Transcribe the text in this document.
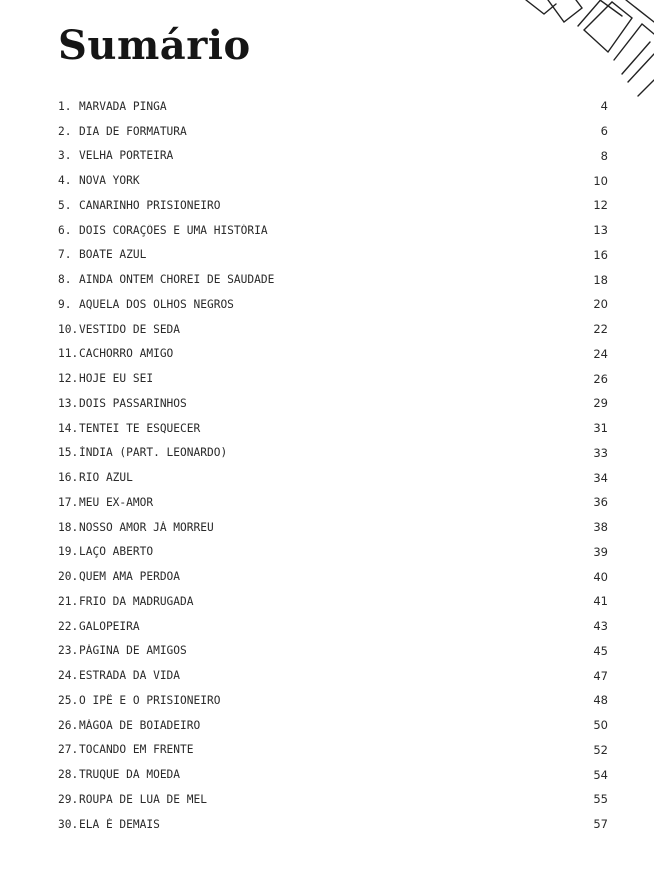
Sumário
1. MARVADA PINGA	4
2. DIA DE FORMATURA	6
3. VELHA PORTEIRA	8
4. NOVA YORK	10
5. CANARINHO PRISIONEIRO	12
6. DOIS CORAÇÕES E UMA HISTÓRIA	13
7. BOATE AZUL	16
8. AINDA ONTEM CHOREI DE SAUDADE	18
9. AQUELA DOS OLHOS NEGROS	20
10. VESTIDO DE SEDA	22
11. CACHORRO AMIGO	24
12. HOJE EU SEI	26
13. DOIS PASSARINHOS	29
14. TENTEI TE ESQUECER	31
15. ÍNDIA (PART. LEONARDO)	33
16. RIO AZUL	34
17. MEU EX-AMOR	36
18. NOSSO AMOR JÁ MORREU	38
19. LAÇO ABERTO	39
20. QUEM AMA PERDOA	40
21. FRIO DA MADRUGADA	41
22. GALOPEIRA	43
23. PÁGINA DE AMIGOS	45
24. ESTRADA DA VIDA	47
25. O IPÊ E O PRISIONEIRO	48
26. MÁGOA DE BOIADEIRO	50
27. TOCANDO EM FRENTE	52
28. TRUQUE DA MOEDA	54
29. ROUPA DE LUA DE MEL	55
30. ELA É DEMAIS	57
